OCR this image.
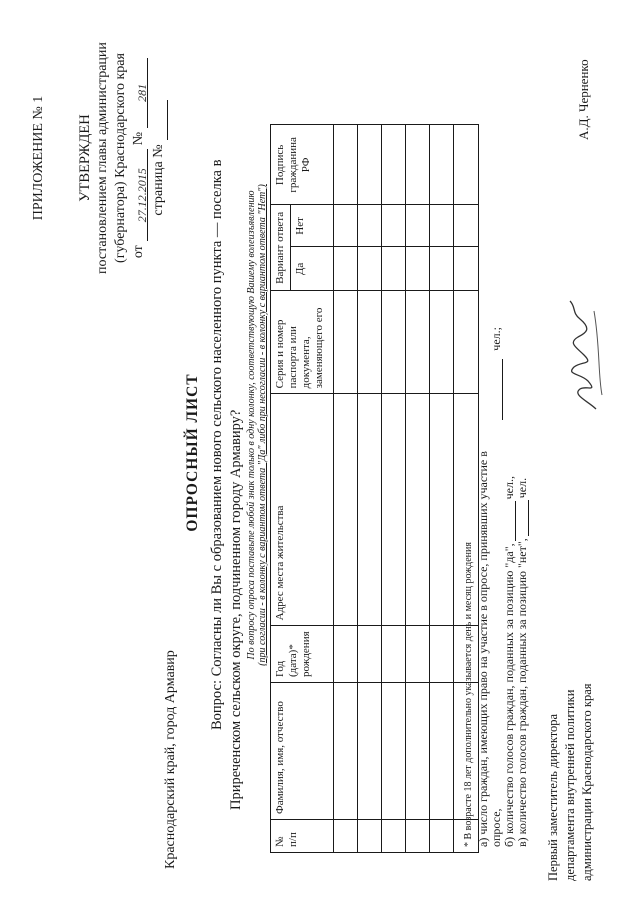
ПРИЛОЖЕНИЕ № 1 УТВЕРЖДЕН постановлением главы администрации (губернатора) Краснодарского края от
27.12.2015
№
281
страница №
Краснодарский край, город Армавир
ОПРОСНЫЙ ЛИСТ Вопрос: Согласны ли Вы с образованием нового сельского населенного пункта — поселка в Приреченском сельском округе, подчиненном городу Армавиру? По вопросу опроса поставьте любой знак только в одну колонку, соответствующую Вашему волеизъявлению (при согласии - в колонку с вариантом ответа "Да" либо при несогласии - в колонку с вариантом ответа "Нет")
№ п/п	Фамилия, имя, отчество	Год (дата)* рождения	Адрес места жительства	Серия и номер паспорта или документа, заменяющего его	Вариант ответа		Подпись гражданина РФ
					Да	Нет	

* В возрасте 18 лет дополнительно указывается день и месяц рождения а) число граждан, имеющих право на участие в опросе, принявших участие в опросе,
чел.;
б) количество голосов граждан, поданных за позицию "да",
чел.,
в) количество голосов граждан, поданных за позицию "нет",
чел.
Первый заместитель директора департамента внутренней политики администрации Краснодарского края
А.Д. Черненко
